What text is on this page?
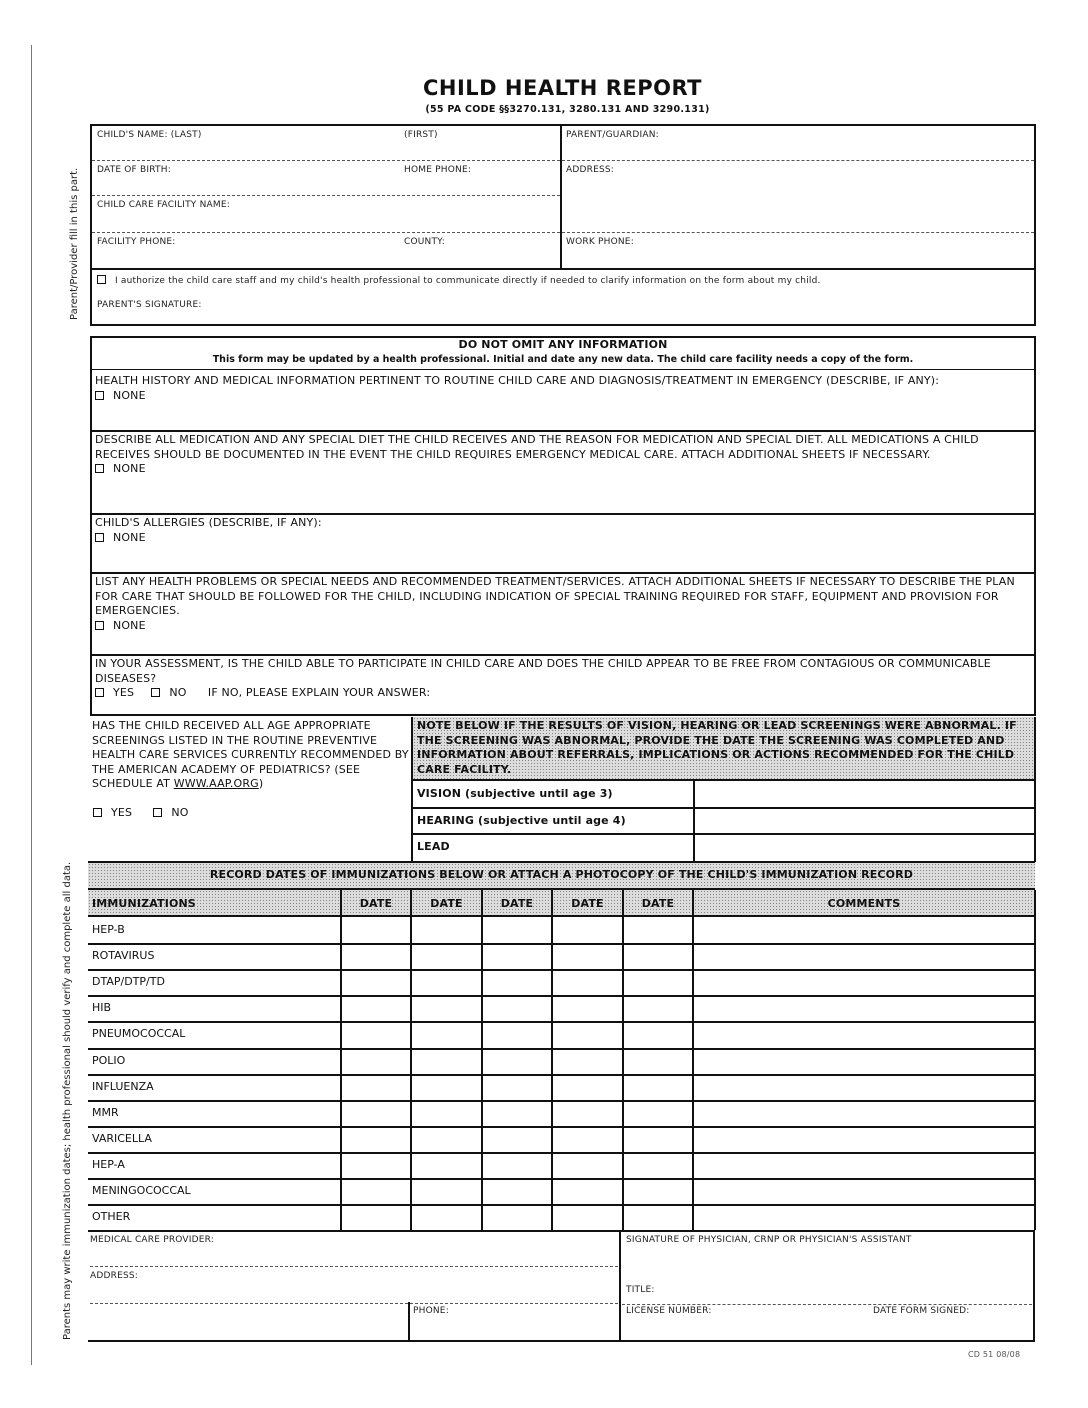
CHILD HEALTH REPORT
(55 PA CODE §§3270.131, 3280.131 AND 3290.131)
Parent/Provider fill in this part.
Parents may write immunization dates; health professional should verify and complete all data.
CHILD'S NAME: (LAST)	(FIRST)	PARENT/GUARDIAN:
DATE OF BIRTH:	HOME PHONE:	ADDRESS:
CHILD CARE FACILITY NAME:
FACILITY PHONE:	COUNTY:	WORK PHONE:
I authorize the child care staff and my child's health professional to communicate directly if needed to clarify information on the form about my child.
PARENT'S SIGNATURE:
DO NOT OMIT ANY INFORMATION
This form may be updated by a health professional. Initial and date any new data. The child care facility needs a copy of the form.
HEALTH HISTORY AND MEDICAL INFORMATION PERTINENT TO ROUTINE CHILD CARE AND DIAGNOSIS/TREATMENT IN EMERGENCY (DESCRIBE, IF ANY):
NONE
DESCRIBE ALL MEDICATION AND ANY SPECIAL DIET THE CHILD RECEIVES AND THE REASON FOR MEDICATION AND SPECIAL DIET. ALL MEDICATIONS A CHILD RECEIVES SHOULD BE DOCUMENTED IN THE EVENT THE CHILD REQUIRES EMERGENCY MEDICAL CARE. ATTACH ADDITIONAL SHEETS IF NECESSARY.
NONE
CHILD'S ALLERGIES (DESCRIBE, IF ANY):
NONE
LIST ANY HEALTH PROBLEMS OR SPECIAL NEEDS AND RECOMMENDED TREATMENT/SERVICES. ATTACH ADDITIONAL SHEETS IF NECESSARY TO DESCRIBE THE PLAN FOR CARE THAT SHOULD BE FOLLOWED FOR THE CHILD, INCLUDING INDICATION OF SPECIAL TRAINING REQUIRED FOR STAFF, EQUIPMENT AND PROVISION FOR EMERGENCIES.
NONE
IN YOUR ASSESSMENT, IS THE CHILD ABLE TO PARTICIPATE IN CHILD CARE AND DOES THE CHILD APPEAR TO BE FREE FROM CONTAGIOUS OR COMMUNICABLE DISEASES?
YES	NO IF NO, PLEASE EXPLAIN YOUR ANSWER:
HAS THE CHILD RECEIVED ALL AGE APPROPRIATE SCREENINGS LISTED IN THE ROUTINE PREVENTIVE HEALTH CARE SERVICES CURRENTLY RECOMMENDED BY THE AMERICAN ACADEMY OF PEDIATRICS? (SEE SCHEDULE AT WWW.AAP.ORG)
YES	NO
NOTE BELOW IF THE RESULTS OF VISION, HEARING OR LEAD SCREENINGS WERE ABNORMAL. IF THE SCREENING WAS ABNORMAL, PROVIDE THE DATE THE SCREENING WAS COMPLETED AND INFORMATION ABOUT REFERRALS, IMPLICATIONS OR ACTIONS RECOMMENDED FOR THE CHILD CARE FACILITY.
VISION (subjective until age 3)
HEARING (subjective until age 4)
LEAD
RECORD DATES OF IMMUNIZATIONS BELOW OR ATTACH A PHOTOCOPY OF THE CHILD'S IMMUNIZATION RECORD
IMMUNIZATIONS	DATE	DATE	DATE	DATE	DATE	COMMENTS
HEP-B
ROTAVIRUS
DTAP/DTP/TD
HIB
PNEUMOCOCCAL
POLIO
INFLUENZA
MMR
VARICELLA
HEP-A
MENINGOCOCCAL
OTHER
MEDICAL CARE PROVIDER:
ADDRESS:
PHONE:
SIGNATURE OF PHYSICIAN, CRNP OR PHYSICIAN'S ASSISTANT
TITLE:
LICENSE NUMBER:	DATE FORM SIGNED:
CD 51 08/08
